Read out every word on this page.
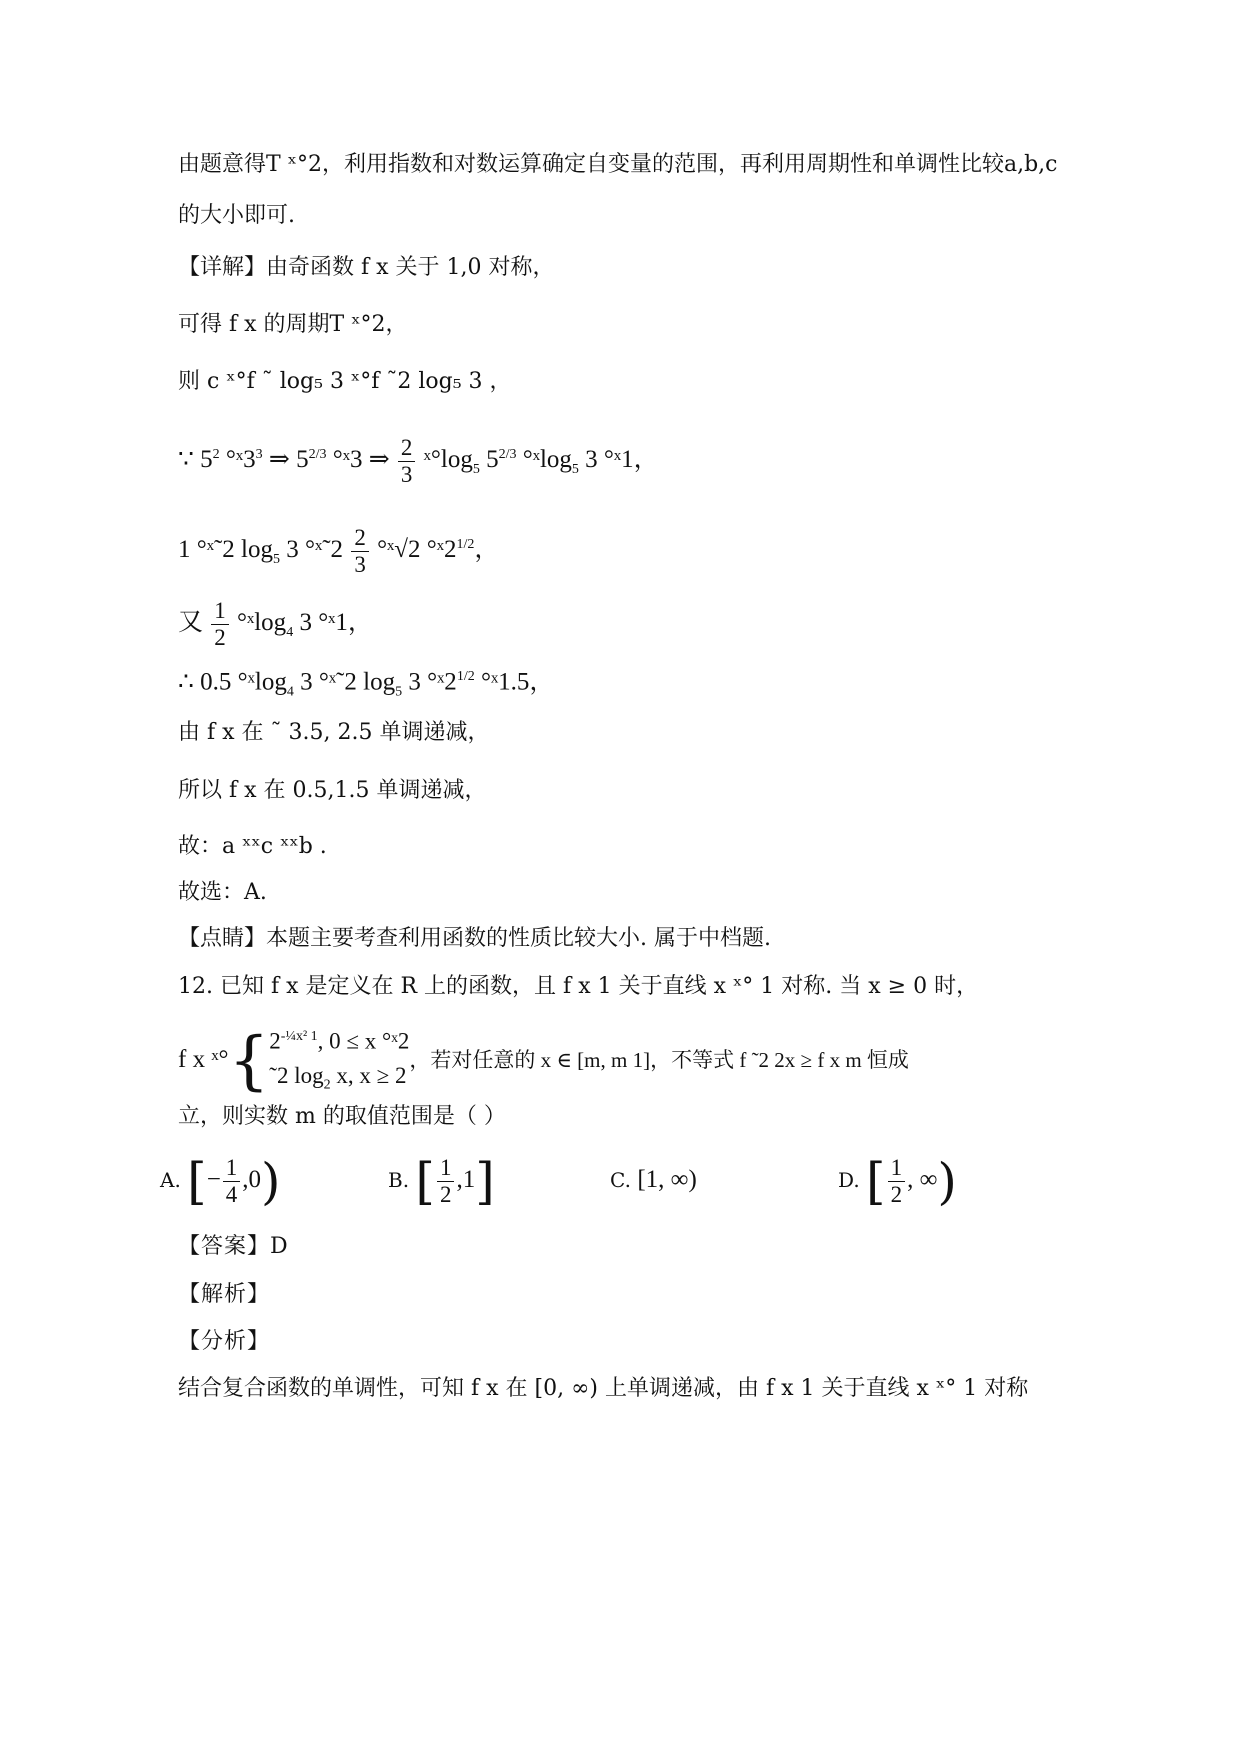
由题意得T ˣ°2，利用指数和对数运算确定自变量的范围，再利用周期性和单调性比较a,b,c
的大小即可.
【详解】由奇函数 f x 关于 1,0 对称，
可得 f x 的周期T ˣ°2，
则 c ˣ°f ˜ log₅ 3 ˣ°f ˜2 log₅ 3 ，
∵ $5^2$ $^\circ ˣ3^3$ ⇒ $5^{2/3}$ °ˣ3 ⇒ $\frac{2}{3}$ $ˣ^\circ\log_5$ $5^{2/3}$ °ˣlog$_5$ 3 °ˣ1，
1 °ˣ˜2 $\log_5 3$ °ˣ˜2 $\frac{2}{3}$ °ˣ√2 $^\circ ˣ2^{1/2}$，
又 $\frac{1}{2}$ °ˣlog$_4$ 3 °ˣ1，
∴ 0.5 °ˣlog$_4$ 3 °ˣ˜2 $\log_5 3$ $^\circ ˣ2^{1/2}$ °ˣ1.5，
由 f x 在 ˜ 3.5, 2.5 单调递减，
所以 f x 在 0.5,1.5 单调递减，
故：a ˣˣc ˣˣb .
故选：A.
【点睛】本题主要考查利用函数的性质比较大小. 属于中档题.
12. 已知 f x 是定义在 R 上的函数，且 f x 1 关于直线 x ˣ° 1 对称. 当 x ≥ 0 时，
f x ˣ°{ $2^{-\frac{1}{4}x^2 1}$, 0 ≤ x °ˣ2
˜2 $\log_2 x$, x ≥ 2
，若对任意的 x ∈ [m, m 1]，不等式 f ˜2 2x ≥ f x m 恒成
立，则实数 m 的取值范围是（ ）
A. [− $\frac{1}{4} ,0$)	B. [ $\frac{1}{2} ,1$]	C. [1, ∞)	D. [ $\frac{1}{2}$ , ∞)
【答案】D
【解析】
【分析】
结合复合函数的单调性，可知 f x 在 [0, ∞) 上单调递减，由 f x 1 关于直线 x ˣ° 1 对称
